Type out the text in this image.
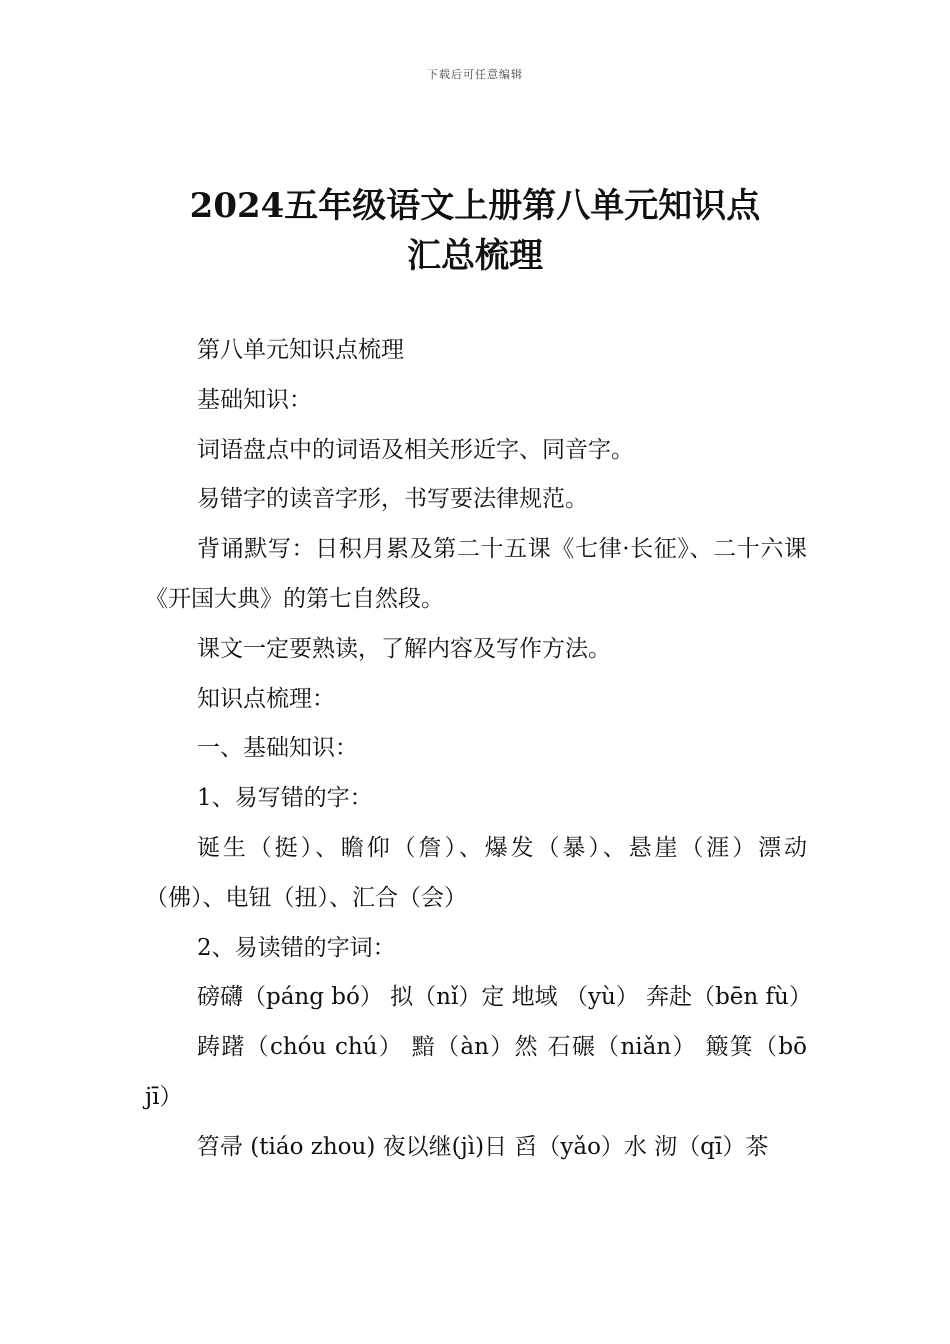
下载后可任意编辑
2024五年级语文上册第八单元知识点
汇总梳理

第八单元知识点梳理

基础知识：

词语盘点中的词语及相关形近字、同音字。

易错字的读音字形，书写要法律规范。

背诵默写：日积月累及第二十五课《七律·长征》、二十六课《开国大典》的第七自然段。

课文一定要熟读，了解内容及写作方法。

知识点梳理：

一、基础知识：

1、易写错的字：

诞生（挺）、瞻仰（詹）、爆发（暴）、悬崖（涯）漂动（佛）、电钮（扭）、汇合（会）

2、易读错的字词：

磅礴（páng bó） 拟（nǐ）定 地域 （yù） 奔赴（bēn fù）

踌躇（chóu chú） 黯（àn）然 石碾（niǎn） 簸箕（bō jī）

笤帚 (tiáo zhou) 夜以继(jì)日 舀（yǎo）水 沏（qī）茶
